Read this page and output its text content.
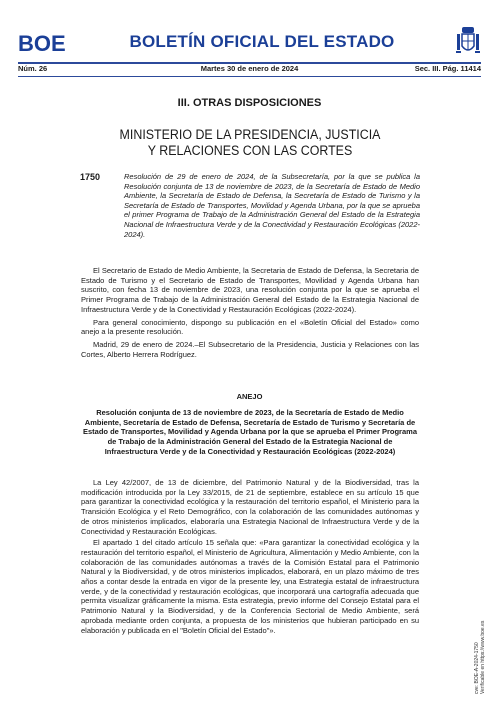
BOE	BOLETÍN OFICIAL DEL ESTADO
Núm. 26	Martes 30 de enero de 2024	Sec. III. Pág. 11414
III. OTRAS DISPOSICIONES
MINISTERIO DE LA PRESIDENCIA, JUSTICIA
Y RELACIONES CON LAS CORTES
1750	Resolución de 29 de enero de 2024, de la Subsecretaría, por la que se publica la Resolución conjunta de 13 de noviembre de 2023, de la Secretaría de Estado de Medio Ambiente, la Secretaría de Estado de Defensa, la Secretaría de Estado de Turismo y la Secretaría de Estado de Transportes, Movilidad y Agenda Urbana, por la que se aprueba el primer Programa de Trabajo de la Administración General del Estado de la Estrategia Nacional de Infraestructura Verde y de la Conectividad y Restauración Ecológicas (2022-2024).

El Secretario de Estado de Medio Ambiente, la Secretaria de Estado de Defensa, la Secretaria de Estado de Turismo y el Secretario de Estado de Transportes, Movilidad y Agenda Urbana han suscrito, con fecha 13 de noviembre de 2023, una resolución conjunta por la que se aprueba el Primer Programa de Trabajo de la Administración General del Estado de la Estrategia Nacional de Infraestructura Verde y de la Conectividad y Restauración Ecológicas (2022-2024).

Para general conocimiento, dispongo su publicación en el «Boletín Oficial del Estado» como anejo a la presente resolución.

Madrid, 29 de enero de 2024.–El Subsecretario de la Presidencia, Justicia y Relaciones con las Cortes, Alberto Herrera Rodríguez.

ANEJO
Resolución conjunta de 13 de noviembre de 2023, de la Secretaría de Estado de Medio Ambiente, Secretaría de Estado de Defensa, Secretaría de Estado de Turismo y Secretaría de Estado de Transportes, Movilidad y Agenda Urbana por la que se aprueba el Primer Programa de Trabajo de la Administración General del Estado de la Estrategia Nacional de Infraestructura Verde y de la Conectividad y Restauración Ecológicas (2022-2024)

La Ley 42/2007, de 13 de diciembre, del Patrimonio Natural y de la Biodiversidad, tras la modificación introducida por la Ley 33/2015, de 21 de septiembre, establece en su artículo 15 que para garantizar la conectividad ecológica y la restauración del territorio español, el Ministerio para la Transición Ecológica y el Reto Demográfico, con la colaboración de las comunidades autónomas y de otros ministerios implicados, elaboraría una Estrategia Nacional de Infraestructura Verde y de la Conectividad y Restauración Ecológicas.

El apartado 1 del citado artículo 15 señala que: «Para garantizar la conectividad ecológica y la restauración del territorio español, el Ministerio de Agricultura, Alimentación y Medio Ambiente, con la colaboración de las comunidades autónomas a través de la Comisión Estatal para el Patrimonio Natural y la Biodiversidad, y de otros ministerios implicados, elaborará, en un plazo máximo de tres años a contar desde la entrada en vigor de la presente ley, una Estrategia estatal de infraestructura verde, y de la conectividad y restauración ecológicas, que incorporará una cartografía adecuada que permita visualizar gráficamente la misma. Esta estrategia, previo informe del Consejo Estatal para el Patrimonio Natural y la Biodiversidad, y de la Conferencia Sectorial de Medio Ambiente, será aprobada mediante orden conjunta, a propuesta de los ministerios que hubieran participado en su elaboración y publicada en el "Boletín Oficial del Estado"».

cve: BOE-A-2024-1750 Verificable en https://www.boe.es
